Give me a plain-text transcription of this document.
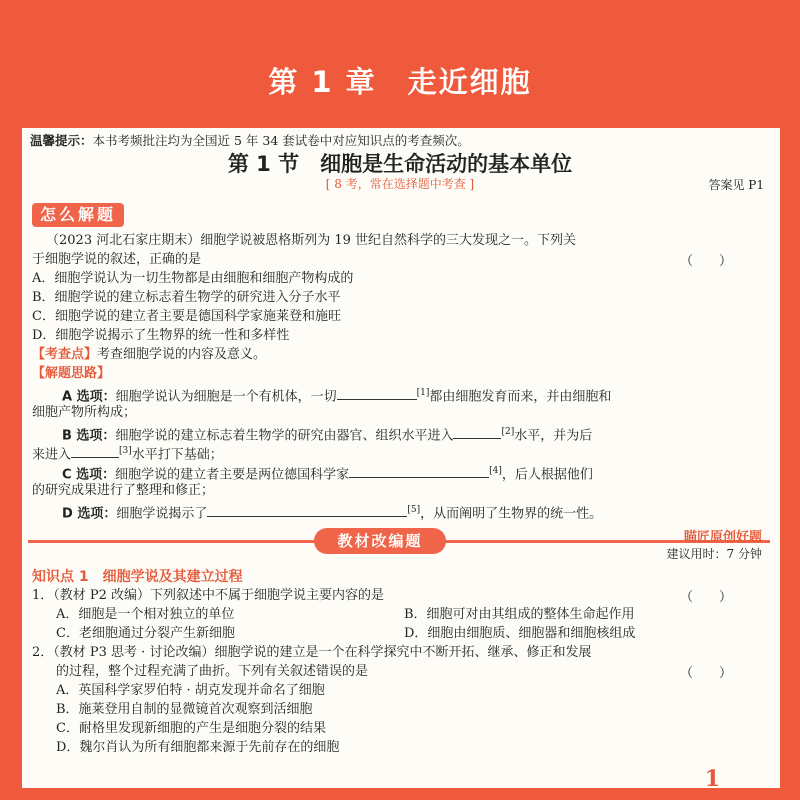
第 1 章　走近细胞
温馨提示：本书考频批注均为全国近 5 年 34 套试卷中对应知识点的考查频次。
第 1 节　细胞是生命活动的基本单位
[ 8 考，常在选择题中考查 ]	答案见 P1
怎么解题
（2023 河北石家庄期末）细胞学说被恩格斯列为 19 世纪自然科学的三大发现之一。下列关
于细胞学说的叙述，正确的是	（　　）
A．细胞学说认为一切生物都是由细胞和细胞产物构成的
B．细胞学说的建立标志着生物学的研究进入分子水平
C．细胞学说的建立者主要是德国科学家施莱登和施旺
D．细胞学说揭示了生物界的统一性和多样性
【考查点】考查细胞学说的内容及意义。
【解题思路】
A 选项：细胞学说认为细胞是一个有机体，一切	[1]都由细胞发育而来，并由细胞和
细胞产物所构成；
B 选项：细胞学说的建立标志着生物学的研究由器官、组织水平进入	[2]水平，并为后
来进入	[3]水平打下基础；
C 选项：细胞学说的建立者主要是两位德国科学家	[4]，后人根据他们
的研究成果进行了整理和修正；
D 选项：细胞学说揭示了	[5]，从而阐明了生物界的统一性。
教材改编题	瞄匠原创好题
建议用时：7 分钟
知识点 1　细胞学说及其建立过程
1．（教材 P2 改编）下列叙述中不属于细胞学说主要内容的是	（　　）
A．细胞是一个相对独立的单位	B．细胞可对由其组成的整体生命起作用
C．老细胞通过分裂产生新细胞	D．细胞由细胞质、细胞器和细胞核组成
2．（教材 P3 思考 · 讨论改编）细胞学说的建立是一个在科学探究中不断开拓、继承、修正和发展
的过程，整个过程充满了曲折。下列有关叙述错误的是	（　　）
A．英国科学家罗伯特 · 胡克发现并命名了细胞
B．施莱登用自制的显微镜首次观察到活细胞
C．耐格里发现新细胞的产生是细胞分裂的结果
D．魏尔肖认为所有细胞都来源于先前存在的细胞
1
